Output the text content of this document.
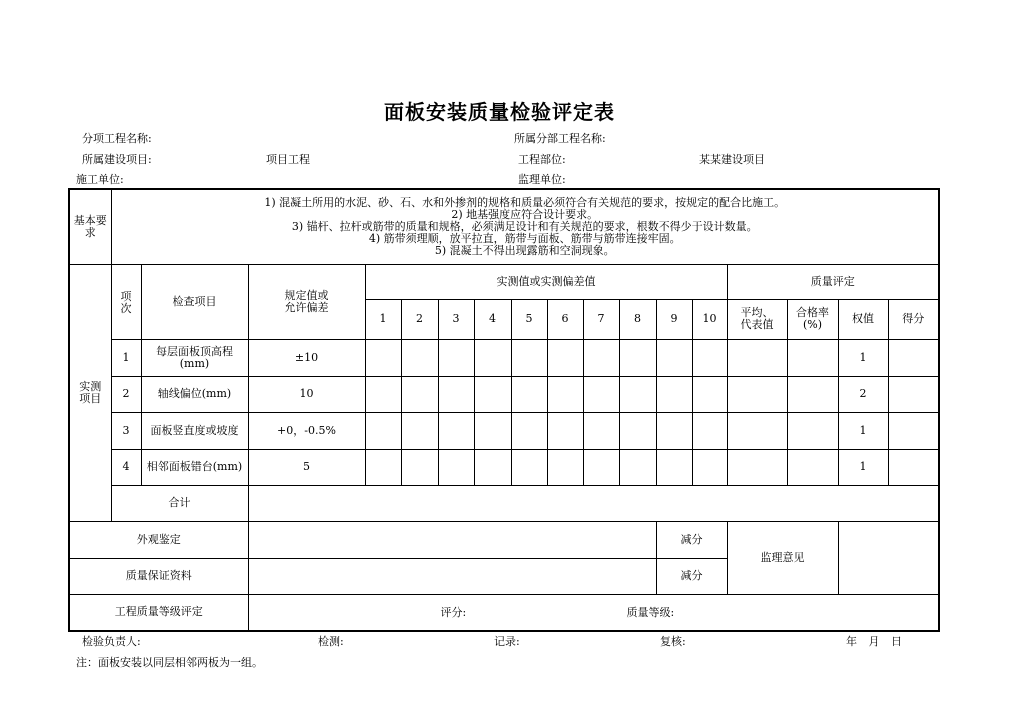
面板安装质量检验评定表
分项工程名称:	所属分部工程名称:
所属建设项目:	项目工程	工程部位:	某某建设项目
施工单位:	监理单位:
基本要求	1) 混凝土所用的水泥、砂、石、水和外掺剂的规格和质量必须符合有关规范的要求，按规定的配合比施工。
2) 地基强度应符合设计要求。
3) 锚杆、拉杆或筋带的质量和规格，必须满足设计和有关规范的要求，根数不得少于设计数量。
4) 筋带须理顺，放平拉直，筋带与面板、筋带与筋带连接牢固。
5) 混凝土不得出现露筋和空洞现象。																

实测项目	项次	检查项目	规定值或允许偏差	实测值或实测偏差值										质量评定			
				1	2	3	4	5	6	7	8	9	10	平均、代表值	合格率(%)	权值	得分
	1	每层面板顶高程(mm)	±10													1	
	2	轴线偏位(mm)	10													2	
	3	面板竖直度或坡度	+0，-0.5%													1	
	4	相邻面板错台(mm)	5													1	
	合计																
外观鉴定												减分		监理意见			
质量保证资料												减分					
工程质量等级评定			评分: 质量等级:														
检验负责人:	检测:	记录:	复核:	年 月 日
注：面板安装以同层相邻两板为一组。
